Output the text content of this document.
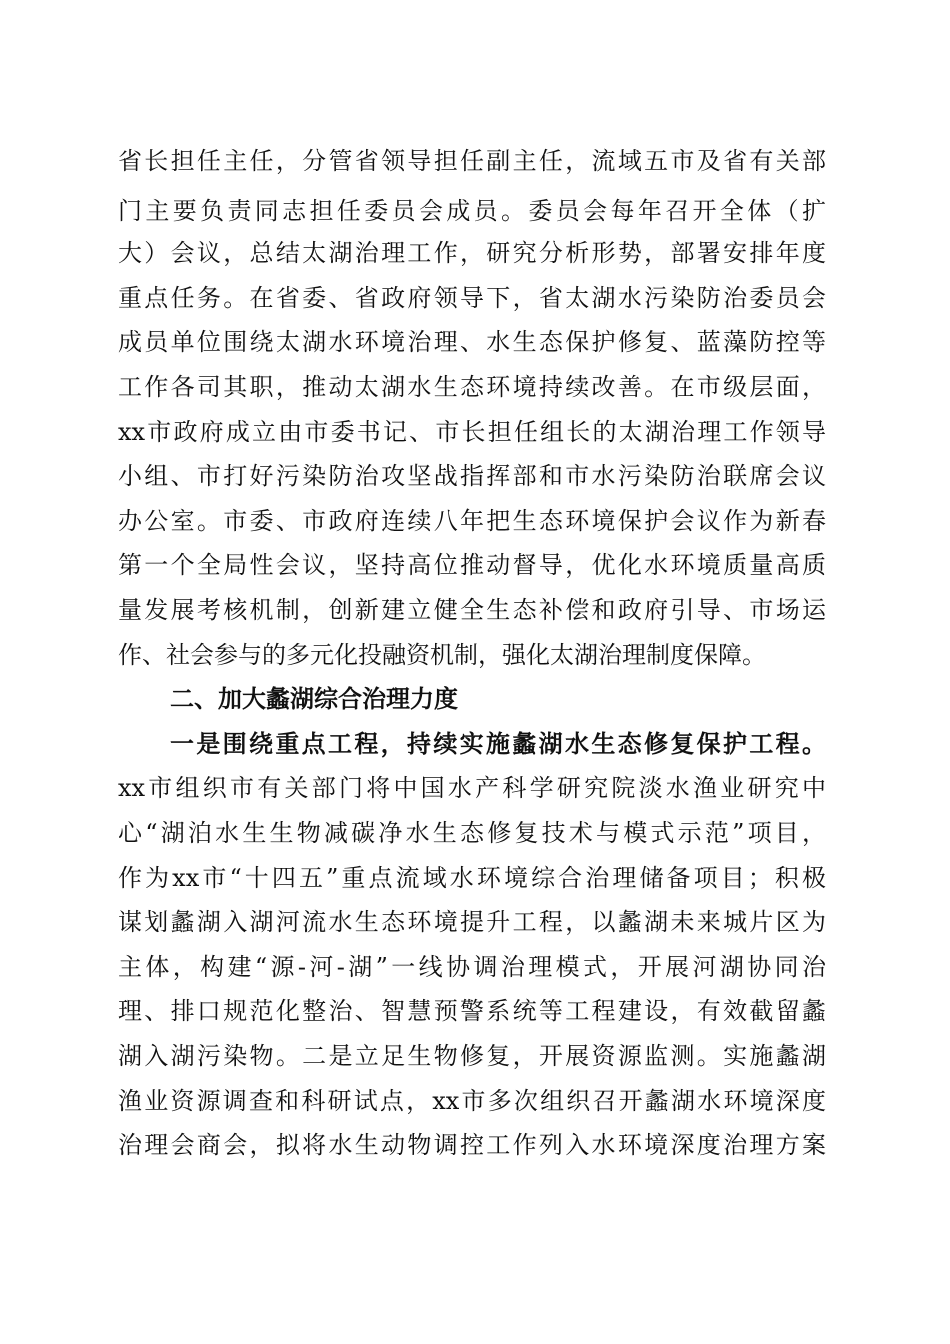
省长担任主任，分管省领导担任副主任，流域五市及省有关部
门主要负责同志担任委员会成员。委员会每年召开全体（扩
大）会议，总结太湖治理工作，研究分析形势，部署安排年度
重点任务。在省委、省政府领导下，省太湖水污染防治委员会
成员单位围绕太湖水环境治理、水生态保护修复、蓝藻防控等
工作各司其职，推动太湖水生态环境持续改善。在市级层面，
xx市政府成立由市委书记、市长担任组长的太湖治理工作领导
小组、市打好污染防治攻坚战指挥部和市水污染防治联席会议
办公室。市委、市政府连续八年把生态环境保护会议作为新春
第一个全局性会议，坚持高位推动督导，优化水环境质量高质
量发展考核机制，创新建立健全生态补偿和政府引导、市场运
作、社会参与的多元化投融资机制，强化太湖治理制度保障。
二、加大蠡湖综合治理力度
一是围绕重点工程，持续实施蠡湖水生态修复保护工程。
xx市组织市有关部门将中国水产科学研究院淡水渔业研究中
心“湖泊水生生物减碳净水生态修复技术与模式示范”项目，
作为xx市“十四五”重点流域水环境综合治理储备项目；积极
谋划蠡湖入湖河流水生态环境提升工程，以蠡湖未来城片区为
主体，构建“源-河-湖”一线协调治理模式，开展河湖协同治
理、排口规范化整治、智慧预警系统等工程建设，有效截留蠡
湖入湖污染物。二是立足生物修复，开展资源监测。实施蠡湖
渔业资源调查和科研试点，xx市多次组织召开蠡湖水环境深度
治理会商会，拟将水生动物调控工作列入水环境深度治理方案
